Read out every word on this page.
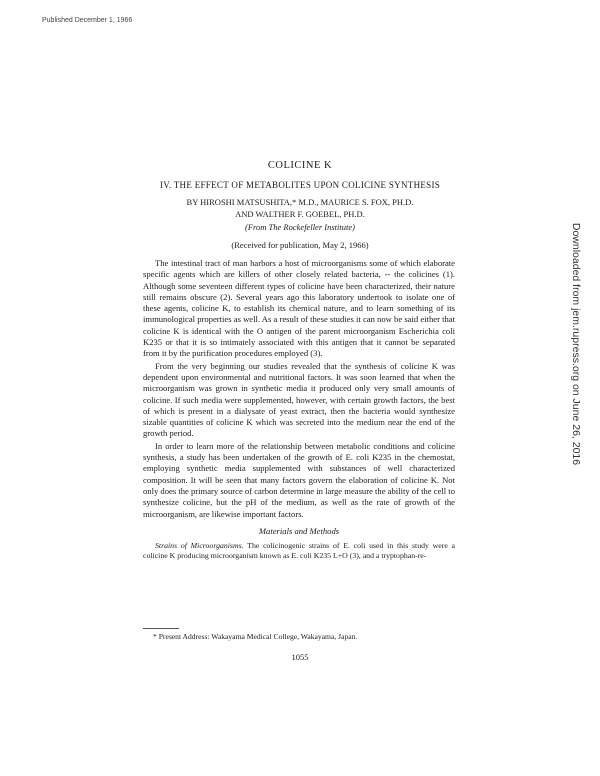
Published December 1, 1966
Downloaded from jem.rupress.org on June 26, 2016
COLICINE K
IV. THE EFFECT OF METABOLITES UPON COLICINE SYNTHESIS
BY HIROSHI MATSUSHITA,* M.D., MAURICE S. FOX, PH.D.
AND WALTHER F. GOEBEL, PH.D.
(From The Rockefeller Institute)
(Received for publication, May 2, 1966)

The intestinal tract of man harbors a host of microorganisms some of which elaborate specific agents which are killers of other closely related bacteria, -- the colicines (1). Although some seventeen different types of colicine have been characterized, their nature still remains obscure (2). Several years ago this laboratory undertook to isolate one of these agents, colicine K, to establish its chemical nature, and to learn something of its immunological properties as well. As a result of these studies it can now be said either that colicine K is identical with the O antigen of the parent microorganism Escherichia coli K235 or that it is so intimately associated with this antigen that it cannot be separated from it by the purification procedures employed (3).

From the very beginning our studies revealed that the synthesis of colicine K was dependent upon environmental and nutritional factors. It was soon learned that when the microorganism was grown in synthetic media it produced only very small amounts of colicine. If such media were supplemented, however, with certain growth factors, the best of which is present in a dialysate of yeast extract, then the bacteria would synthesize sizable quantities of colicine K which was secreted into the medium near the end of the growth period.

In order to learn more of the relationship between metabolic conditions and colicine synthesis, a study has been undertaken of the growth of E. coli K235 in the chemostat, employing synthetic media supplemented with substances of well characterized composition. It will be seen that many factors govern the elaboration of colicine K. Not only does the primary source of carbon determine in large measure the ability of the cell to synthesize colicine, but the pH of the medium, as well as the rate of growth of the microorganism, are likewise important factors.

Materials and Methods

Strains of Microorganisms. The colicinogenic strains of E. coli used in this study were a colicine K producing microorganism known as E. coli K235 L+O (3), and a tryptophan-re-

* Present Address: Wakayama Medical College, Wakayama, Japan.
1055
